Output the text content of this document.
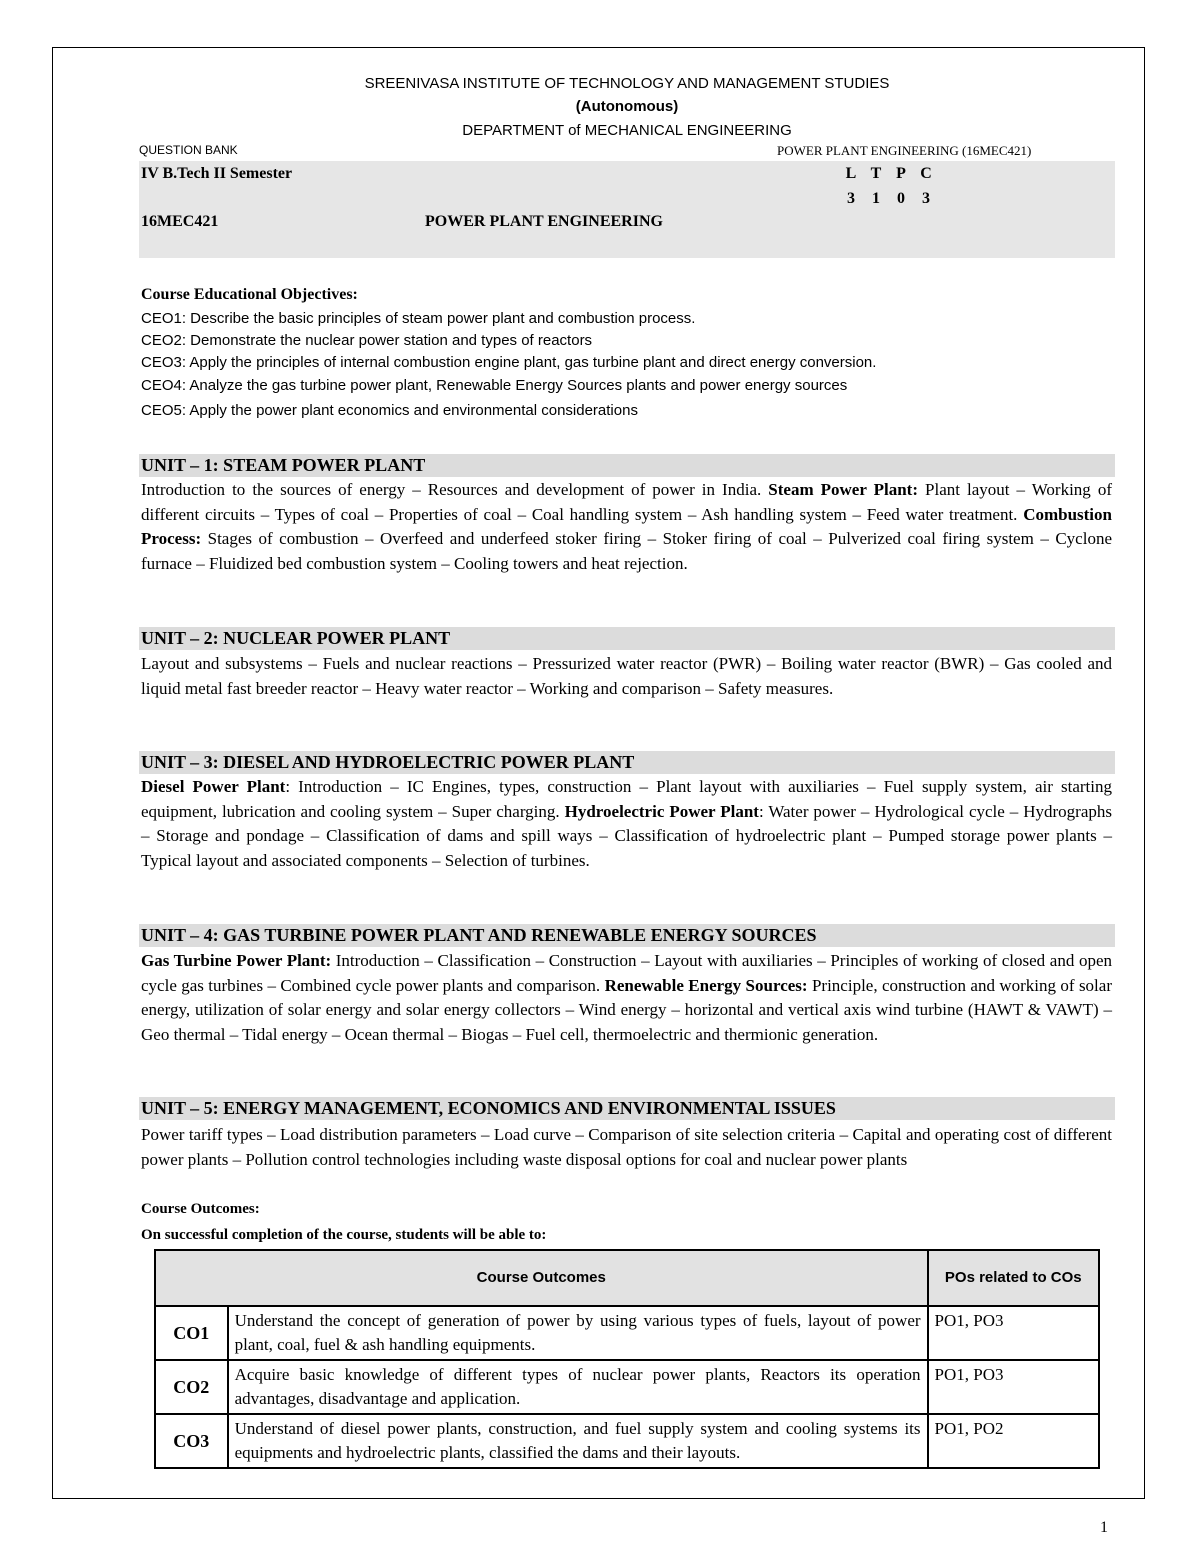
SREENIVASA INSTITUTE OF TECHNOLOGY AND MANAGEMENT STUDIES
(Autonomous)
DEPARTMENT of MECHANICAL ENGINEERING
QUESTION BANK	POWER PLANT ENGINEERING (16MEC421)
IV B.Tech II Semester
16MEC421	POWER PLANT ENGINEERING
L T P C
3	1	0	3
Course Educational Objectives:
CEO1: Describe the basic principles of steam power plant and combustion process.
CEO2: Demonstrate the nuclear power station and types of reactors
CEO3: Apply the principles of internal combustion engine plant, gas turbine plant and direct energy conversion.
CEO4: Analyze the gas turbine power plant, Renewable Energy Sources plants and power energy sources
CEO5: Apply the power plant economics and environmental considerations
UNIT – 1: STEAM POWER PLANT
Introduction to the sources of energy – Resources and development of power in India. Steam Power Plant: Plant layout – Working of different circuits – Types of coal – Properties of coal – Coal handling system – Ash handling system – Feed water treatment. Combustion Process: Stages of combustion – Overfeed and underfeed stoker firing – Stoker firing of coal – Pulverized coal firing system – Cyclone furnace – Fluidized bed combustion system – Cooling towers and heat rejection.
UNIT – 2: NUCLEAR POWER PLANT
Layout and subsystems – Fuels and nuclear reactions – Pressurized water reactor (PWR) – Boiling water reactor (BWR) – Gas cooled and liquid metal fast breeder reactor – Heavy water reactor – Working and comparison – Safety measures.
UNIT – 3: DIESEL AND HYDROELECTRIC POWER PLANT
Diesel Power Plant: Introduction – IC Engines, types, construction – Plant layout with auxiliaries – Fuel supply system, air starting equipment, lubrication and cooling system – Super charging. Hydroelectric Power Plant: Water power – Hydrological cycle – Hydrographs – Storage and pondage – Classification of dams and spill ways – Classification of hydroelectric plant – Pumped storage power plants – Typical layout and associated components – Selection of turbines.
UNIT – 4: GAS TURBINE POWER PLANT AND RENEWABLE ENERGY SOURCES
Gas Turbine Power Plant: Introduction – Classification – Construction – Layout with auxiliaries – Principles of working of closed and open cycle gas turbines – Combined cycle power plants and comparison. Renewable Energy Sources: Principle, construction and working of solar energy, utilization of solar energy and solar energy collectors – Wind energy – horizontal and vertical axis wind turbine (HAWT & VAWT) – Geo thermal – Tidal energy – Ocean thermal – Biogas – Fuel cell, thermoelectric and thermionic generation.
UNIT – 5: ENERGY MANAGEMENT, ECONOMICS AND ENVIRONMENTAL ISSUES
Power tariff types – Load distribution parameters – Load curve – Comparison of site selection criteria – Capital and operating cost of different power plants – Pollution control technologies including waste disposal options for coal and nuclear power plants
Course Outcomes:
On successful completion of the course, students will be able to:
Course Outcomes		POs related to COs
CO1	Understand the concept of generation of power by using various types of fuels, layout of power plant, coal, fuel & ash handling equipments.	PO1, PO3
CO2	Acquire basic knowledge of different types of nuclear power plants, Reactors its operation advantages, disadvantage and application.	PO1, PO3
CO3	Understand of diesel power plants, construction, and fuel supply system and cooling systems its equipments and hydroelectric plants, classified the dams and their layouts.	PO1, PO2
1
